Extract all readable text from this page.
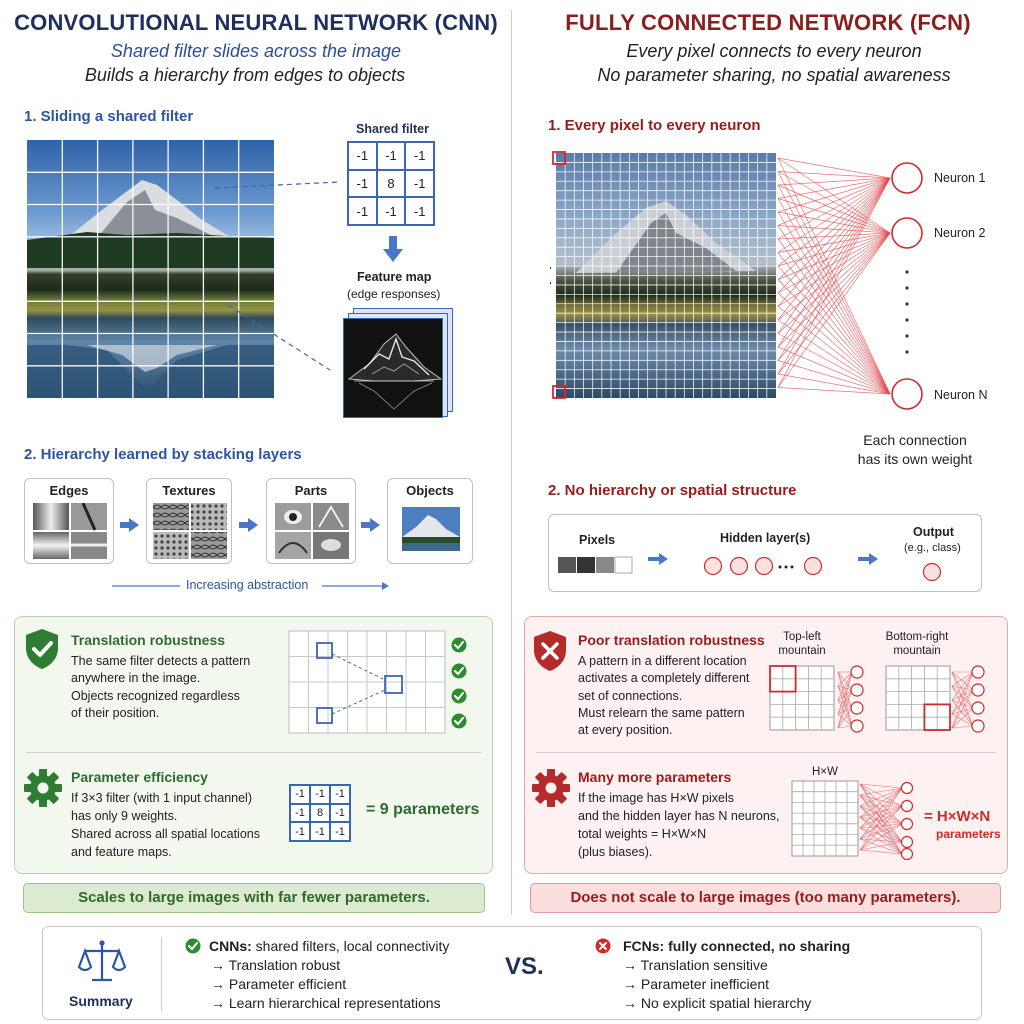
CONVOLUTIONAL NEURAL NETWORK (CNN)
Shared filter slides across the image
Builds a hierarchy from edges to objects
1. Sliding a shared filter
Shared filter
-1	-1	-1
-1	8	-1
-1	-1	-1
Feature map
(edge responses)
2. Hierarchy learned by stacking layers
Edges	Textures	Parts	Objects
Increasing abstraction
Translation robustness
The same filter detects a pattern
anywhere in the image.
Objects recognized regardless
of their position.
Parameter efficiency
If 3×3 filter (with 1 input channel)
has only 9 weights.
Shared across all spatial locations
and feature maps.
-1 -1 -1
-1	8	-1
-1 -1 -1
= 9 parameters
Scales to large images with far fewer parameters.
FULLY CONNECTED NETWORK (FCN)
Every pixel connects to every neuron
No parameter sharing, no spatial awareness
1. Every pixel to every neuron
Neuron 1
Neuron 2
Neuron N
Each connection
has its own weight
2. No hierarchy or spatial structure
Pixels	Hidden layer(s)	Output
(e.g., class)
Poor translation robustness
A pattern in a different location
activates a completely different
set of connections.
Must relearn the same pattern
at every position.
Top-left
mountain
Bottom-right
mountain
Many more parameters
If the image has H×W pixels
and the hidden layer has N neurons,
total weights = H×W×N
(plus biases).
H×W
= H×W×N
parameters
Does not scale to large images (too many parameters).
Summary
CNNs: shared filters, local connectivity
→ Translation robust
→ Parameter efficient
→ Learn hierarchical representations
VS.
FCNs: fully connected, no sharing
→ Translation sensitive
→ Parameter inefficient
→ No explicit spatial hierarchy
